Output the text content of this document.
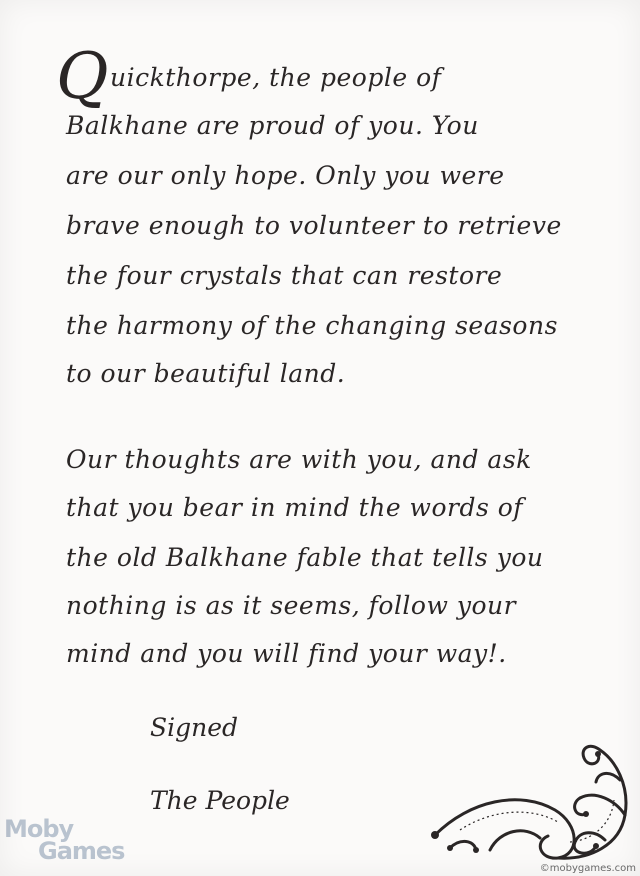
Q uickthorpe, the people of
Balkhane are proud of you. You
are our only hope. Only you were
brave enough to volunteer to retrieve
the four crystals that can restore
the harmony of the changing seasons
to our beautiful land.
Our thoughts are with you, and ask
that you bear in mind the words of
the old Balkhane fable that tells you
nothing is as it seems, follow your
mind and you will find your way!.
Signed
The People
Moby
Games
©mobygames.com
